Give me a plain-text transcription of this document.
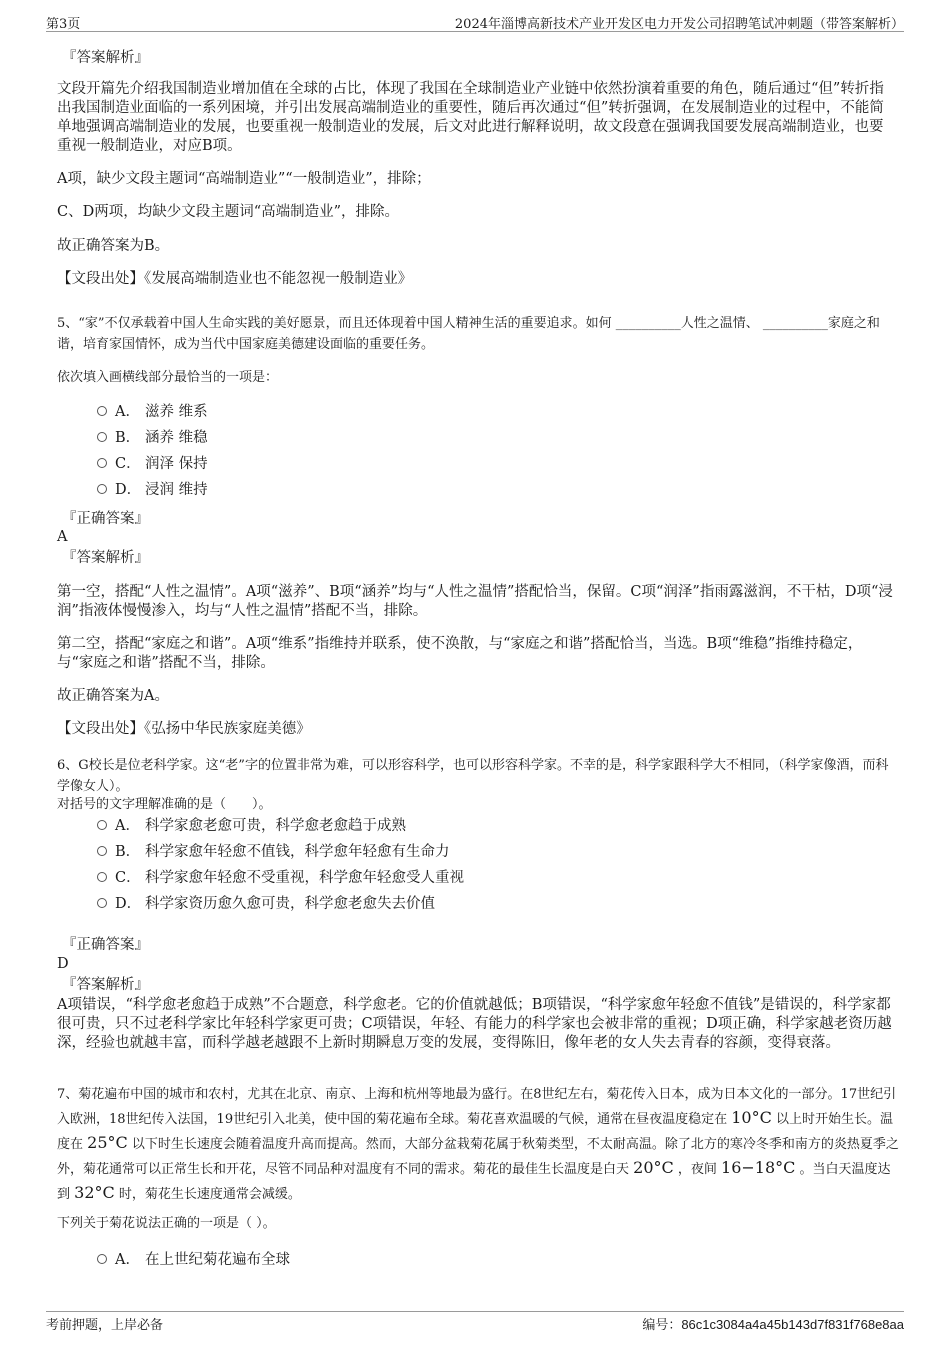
第3页	2024年淄博高新技术产业开发区电力开发公司招聘笔试冲刺题（带答案解析）
『答案解析』

文段开篇先介绍我国制造业增加值在全球的占比，体现了我国在全球制造业产业链中依然扮演着重要的角色，随后通过“但”转折指出我国制造业面临的一系列困境，并引出发展高端制造业的重要性，随后再次通过“但”转折强调，在发展制造业的过程中，不能简单地强调高端制造业的发展，也要重视一般制造业的发展，后文对此进行解释说明，故文段意在强调我国要发展高端制造业，也要重视一般制造业，对应B项。

A项，缺少文段主题词“高端制造业”“一般制造业”，排除；

C、D两项，均缺少文段主题词“高端制造业”，排除。

故正确答案为B。

【文段出处】《发展高端制造业也不能忽视一般制造业》

5、“家”不仅承载着中国人生命实践的美好愿景，而且还体现着中国人精神生活的重要追求。如何 __________人性之温情、 __________家庭之和谐，培育家国情怀，成为当代中国家庭美德建设面临的重要任务。

依次填入画横线部分最恰当的一项是：

A． 滋养 维系
B． 涵养 维稳
C． 润泽 保持
D． 浸润 维持
『正确答案』
A
『答案解析』

第一空，搭配“人性之温情”。A项“滋养”、B项“涵养”均与“人性之温情”搭配恰当，保留。C项“润泽”指雨露滋润，不干枯，D项“浸润”指液体慢慢渗入，均与“人性之温情”搭配不当，排除。

第二空，搭配“家庭之和谐”。A项“维系”指维持并联系，使不涣散，与“家庭之和谐”搭配恰当，当选。B项“维稳”指维持稳定，与“家庭之和谐”搭配不当，排除。

故正确答案为A。

【文段出处】《弘扬中华民族家庭美德》

6、G校长是位老科学家。这“老”字的位置非常为难，可以形容科学，也可以形容科学家。不幸的是，科学家跟科学大不相同，（科学家像酒，而科学像女人）。

对括号的文字理解准确的是（　　）。

A． 科学家愈老愈可贵，科学愈老愈趋于成熟
B． 科学家愈年轻愈不值钱，科学愈年轻愈有生命力
C． 科学家愈年轻愈不受重视，科学愈年轻愈受人重视
D． 科学家资历愈久愈可贵，科学愈老愈失去价值
『正确答案』
D
『答案解析』

A项错误，“科学愈老愈趋于成熟”不合题意，科学愈老。它的价值就越低；B项错误，“科学家愈年轻愈不值钱”是错误的，科学家都很可贵，只不过老科学家比年轻科学家更可贵；C项错误，年轻、有能力的科学家也会被非常的重视；D项正确，科学家越老资历越深，经验也就越丰富，而科学越老越跟不上新时期瞬息万变的发展，变得陈旧，像年老的女人失去青春的容颜，变得衰落。

7、菊花遍布中国的城市和农村，尤其在北京、南京、上海和杭州等地最为盛行。在8世纪左右，菊花传入日本，成为日本文化的一部分。17世纪引入欧洲，18世纪传入法国，19世纪引入北美，使中国的菊花遍布全球。菊花喜欢温暖的气候，通常在昼夜温度稳定在 10°C 以上时开始生长。温度在 25°C 以下时生长速度会随着温度升高而提高。然而，大部分盆栽菊花属于秋菊类型，不太耐高温。除了北方的寒冷冬季和南方的炎热夏季之外，菊花通常可以正常生长和开花，尽管不同品种对温度有不同的需求。菊花的最佳生长温度是白天 20°C ，夜间 16−18°C 。当白天温度达到 32°C 时，菊花生长速度通常会减缓。

下列关于菊花说法正确的一项是（ ）。

A． 在上世纪菊花遍布全球
考前押题，上岸必备	编号：86c1c3084a4a45b143d7f831f768e8aa
